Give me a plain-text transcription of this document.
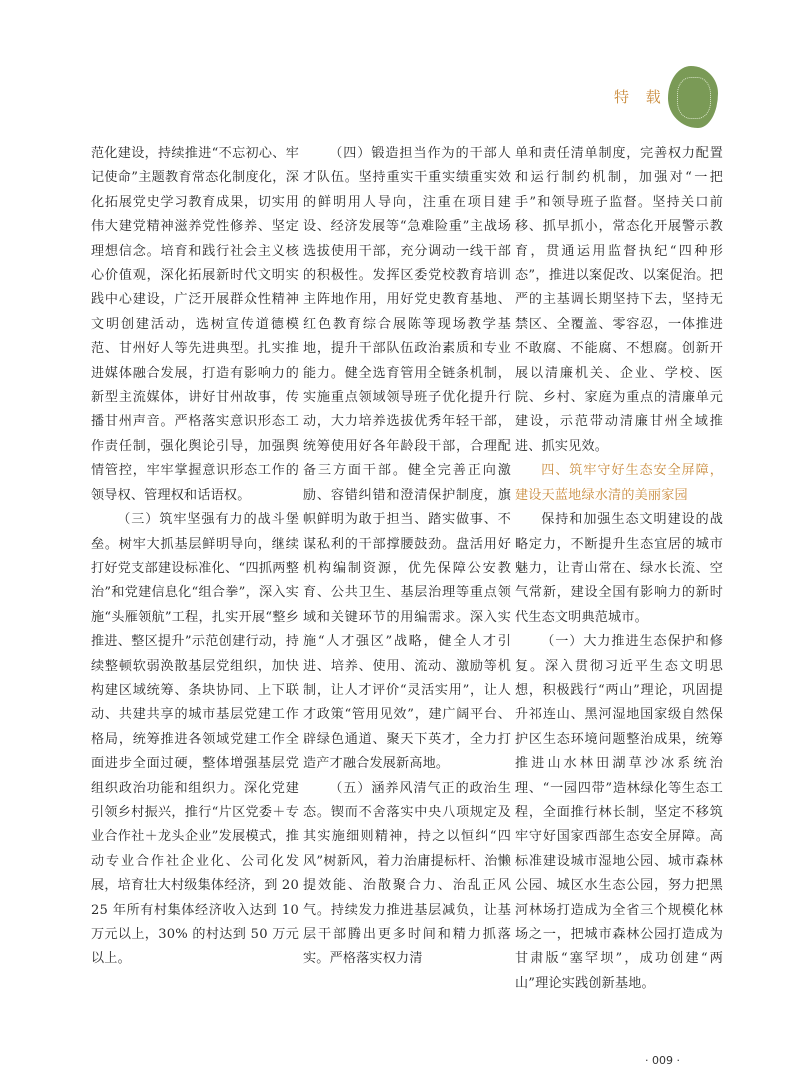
特 载

范化建设，持续推进“不忘初心、牢记使命”主题教育常态化制度化，深化拓展党史学习教育成果，切实用伟大建党精神滋养党性修养、坚定理想信念。培育和践行社会主义核心价值观，深化拓展新时代文明实践中心建设，广泛开展群众性精神文明创建活动，选树宣传道德模范、甘州好人等先进典型。扎实推进媒体融合发展，打造有影响力的新型主流媒体，讲好甘州故事，传播甘州声音。严格落实意识形态工作责任制，强化舆论引导，加强舆情管控，牢牢掌握意识形态工作的领导权、管理权和话语权。

（三）筑牢坚强有力的战斗堡垒。树牢大抓基层鲜明导向，继续打好党支部建设标准化、“四抓两整治”和党建信息化“组合拳”，深入实施“头雁领航”工程，扎实开展“整乡推进、整区提升”示范创建行动，持续整顿软弱涣散基层党组织，加快构建区域统筹、条块协同、上下联动、共建共享的城市基层党建工作格局，统筹推进各领域党建工作全面进步全面过硬，整体增强基层党组织政治功能和组织力。深化党建引领乡村振兴，推行“片区党委＋专业合作社＋龙头企业”发展模式，推动专业合作社企业化、公司化发展，培育壮大村级集体经济，到 2025 年所有村集体经济收入达到 10 万元以上，30% 的村达到 50 万元以上。

（四）锻造担当作为的干部人才队伍。坚持重实干重实绩重实效的鲜明用人导向，注重在项目建设、经济发展等“急难险重”主战场选拔使用干部，充分调动一线干部的积极性。发挥区委党校教育培训主阵地作用，用好党史教育基地、红色教育综合展陈等现场教学基地，提升干部队伍政治素质和专业能力。健全选育管用全链条机制，实施重点领域领导班子优化提升行动，大力培养选拔优秀年轻干部，统筹使用好各年龄段干部，合理配备三方面干部。健全完善正向激励、容错纠错和澄清保护制度，旗帜鲜明为敢于担当、踏实做事、不谋私利的干部撑腰鼓劲。盘活用好机构编制资源，优先保障公安教育、公共卫生、基层治理等重点领域和关键环节的用编需求。深入实施“人才强区”战略，健全人才引进、培养、使用、流动、激励等机制，让人才评价“灵活实用”，让人才政策“管用见效”，建广阔平台、辟绿色通道、聚天下英才，全力打造产才融合发展新高地。

（五）涵养风清气正的政治生态。锲而不舍落实中央八项规定及其实施细则精神，持之以恒纠“四风”树新风，着力治庸提标杆、治懒提效能、治散聚合力、治乱正风气。持续发力推进基层减负，让基层干部腾出更多时间和精力抓落实。严格落实权力清

单和责任清单制度，完善权力配置和运行制约机制，加强对“一把手”和领导班子监督。坚持关口前移、抓早抓小，常态化开展警示教育，贯通运用监督执纪“四种形态”，推进以案促改、以案促治。把严的主基调长期坚持下去，坚持无禁区、全覆盖、零容忍，一体推进不敢腐、不能腐、不想腐。创新开展以清廉机关、企业、学校、医院、乡村、家庭为重点的清廉单元建设，示范带动清廉甘州全域推进、抓实见效。

四、筑牢守好生态安全屏障，建设天蓝地绿水清的美丽家园

保持和加强生态文明建设的战略定力，不断提升生态宜居的城市魅力，让青山常在、绿水长流、空气常新，建设全国有影响力的新时代生态文明典范城市。

（一）大力推进生态保护和修复。深入贯彻习近平生态文明思想，积极践行“两山”理论，巩固提升祁连山、黑河湿地国家级自然保护区生态环境问题整治成果，统筹推进山水林田湖草沙冰系统治理、“一园四带”造林绿化等生态工程，全面推行林长制，坚定不移筑牢守好国家西部生态安全屏障。高标准建设城市湿地公园、城市森林公园、城区水生态公园，努力把黑河林场打造成为全省三个规模化林场之一，把城市森林公园打造成为甘肃版“塞罕坝”，成功创建“两山”理论实践创新基地。

· 009 ·
